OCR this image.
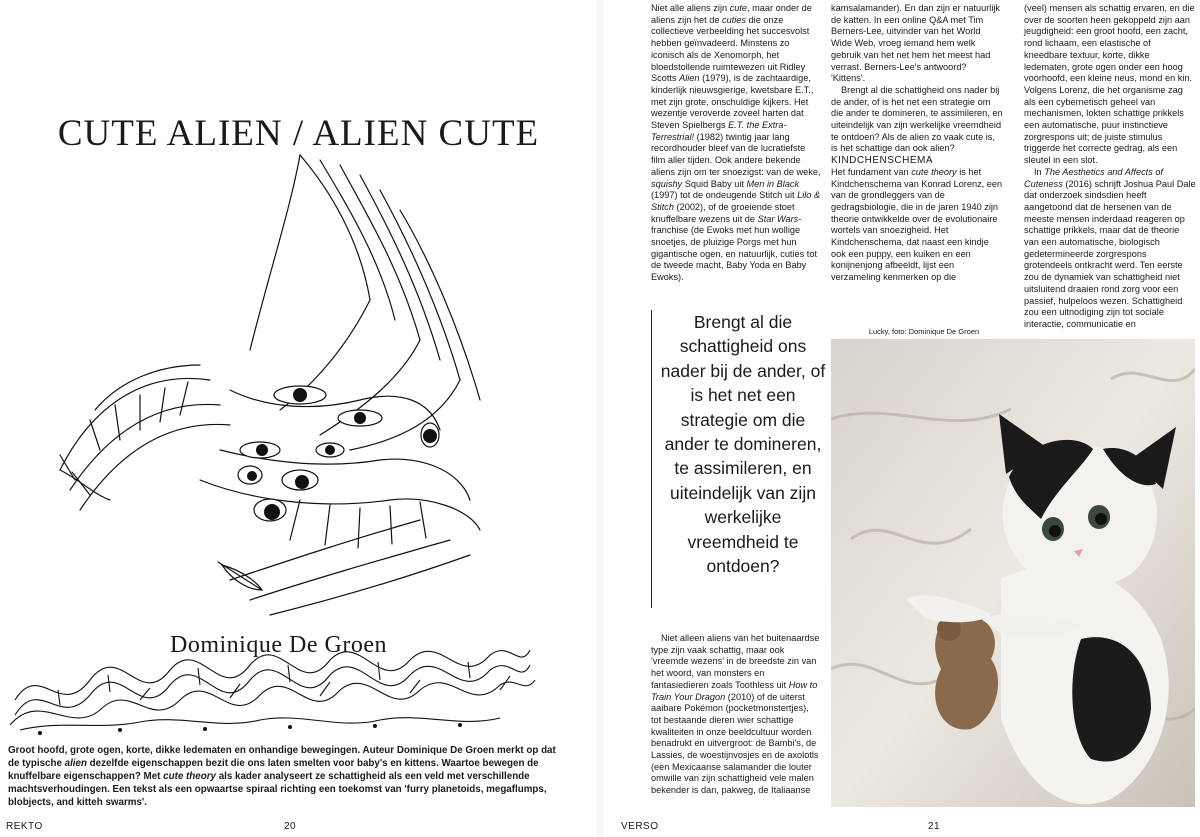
CUTE ALIEN / ALIEN CUTE
Dominique De Groen

Groot hoofd, grote ogen, korte, dikke ledematen en onhandige bewegingen. Auteur Dominique De Groen merkt op dat de typische alien dezelfde eigenschappen bezit die ons laten smelten voor baby's en kittens. Waartoe bewegen de knuffelbare eigenschappen? Met cute theory als kader analyseert ze schattigheid als een veld met verschillende machtsverhoudingen. Een tekst als een opwaartse spiraal richting een toekomst van 'furry planetoids, megaflumps, blobjects, and kitteh swarms'.

REKTO	20

Niet alle aliens zijn cute, maar onder de aliens zijn het de cuties die onze collectieve verbeelding het succesvolst hebben geïnvadeerd. Minstens zo iconisch als de Xenomorph, het bloedstollende ruimtewezen uit Ridley Scotts Alien (1979), is de zachtaardige, kinderlijk nieuwsgierige, kwetsbare E.T., met zijn grote, onschuldige kijkers. Het wezentje veroverde zoveel harten dat Steven Spielbergs E.T. the Extra-Terrestrial! (1982) twintig jaar lang recordhouder bleef van de lucratiefste film aller tijden. Ook andere bekende aliens zijn om ter snoezigst: van de weke, squishy Squid Baby uit Men in Black (1997) tot de ondeugende Stitch uit Lilo & Stitch (2002), of de groeiende stoet knuffelbare wezens uit de Star Wars-franchise (de Ewoks met hun wollige snoetjes, de pluizige Porgs met hun gigantische ogen, en natuurlijk, cuties tot de tweede macht, Baby Yoda en Baby Ewoks).

Brengt al die schattigheid ons nader bij de ander, of is het net een strategie om die ander te domineren, te assimileren, en uiteindelijk van zijn werkelijke vreemdheid te ontdoen?

Niet alleen aliens van het buitenaardse type zijn vaak schattig, maar ook 'vreemde wezens' in de breedste zin van het woord, van monsters en fantasiedieren zoals Toothless uit How to Train Your Dragon (2010) of de uiterst aaibare Pokémon (pocketmonstertjes), tot bestaande dieren wier schattige kwaliteiten in onze beeldcultuur worden benadrukt en uitvergroot: de Bambi's, de Lassies, de woestijnvosjes en de axolotls (een Mexicaanse salamander die louter omwille van zijn schattigheid vele malen bekender is dan, pakweg, de Italiaanse

kamsalamander). En dan zijn er natuurlijk de katten. In een online Q&A met Tim Berners-Lee, uitvinder van het World Wide Web, vroeg iemand hem welk gebruik van het net hem het meest had verrast. Berners-Lee's antwoord? 'Kittens'.

Brengt al die schattigheid ons nader bij de ander, of is het net een strategie om die ander te domineren, te assimileren, en uiteindelijk van zijn werkelijke vreemdheid te ontdoen? Als de alien zo vaak cute is, is het schattige dan ook alien?

KINDCHENSCHEMA

Het fundament van cute theory is het Kindchenschema van Konrad Lorenz, een van de grondleggers van de gedragsbiologie, die in de jaren 1940 zijn theorie ontwikkelde over de evolutionaire wortels van snoezigheid. Het Kindchenschema, dat naast een kindje ook een puppy, een kuiken en een konijnenjong afbeeldt, lijst een verzameling kenmerken op die

Lucky, foto: Dominique De Groen

(veel) mensen als schattig ervaren, en die over de soorten heen gekoppeld zijn aan jeugdigheid: een groot hoofd, een zacht, rond lichaam, een elastische of kneedbare textuur, korte, dikke ledematen, grote ogen onder een hoog voorhoofd, een kleine neus, mond en kin. Volgens Lorenz, die het organisme zag als een cybernetisch geheel van mechanismen, lokten schattige prikkels een automatische, puur instinctieve zorgrespons uit; de juiste stimulus triggerde het correcte gedrag, als een sleutel in een slot.

In The Aesthetics and Affects of Cuteness (2016) schrijft Joshua Paul Dale dat onderzoek sindsdien heeft aangetoond dat de hersenen van de meeste mensen inderdaad reageren op schattige prikkels, maar dat de theorie van een automatische, biologisch gedetermineerde zorgrespons grotendeels ontkracht werd. Ten eerste zou de dynamiek van schattigheid niet uitsluitend draaien rond zorg voor een passief, hulpeloos wezen. Schattigheid zou een uitnodiging zijn tot sociale interactie, communicatie en

VERSO	21
